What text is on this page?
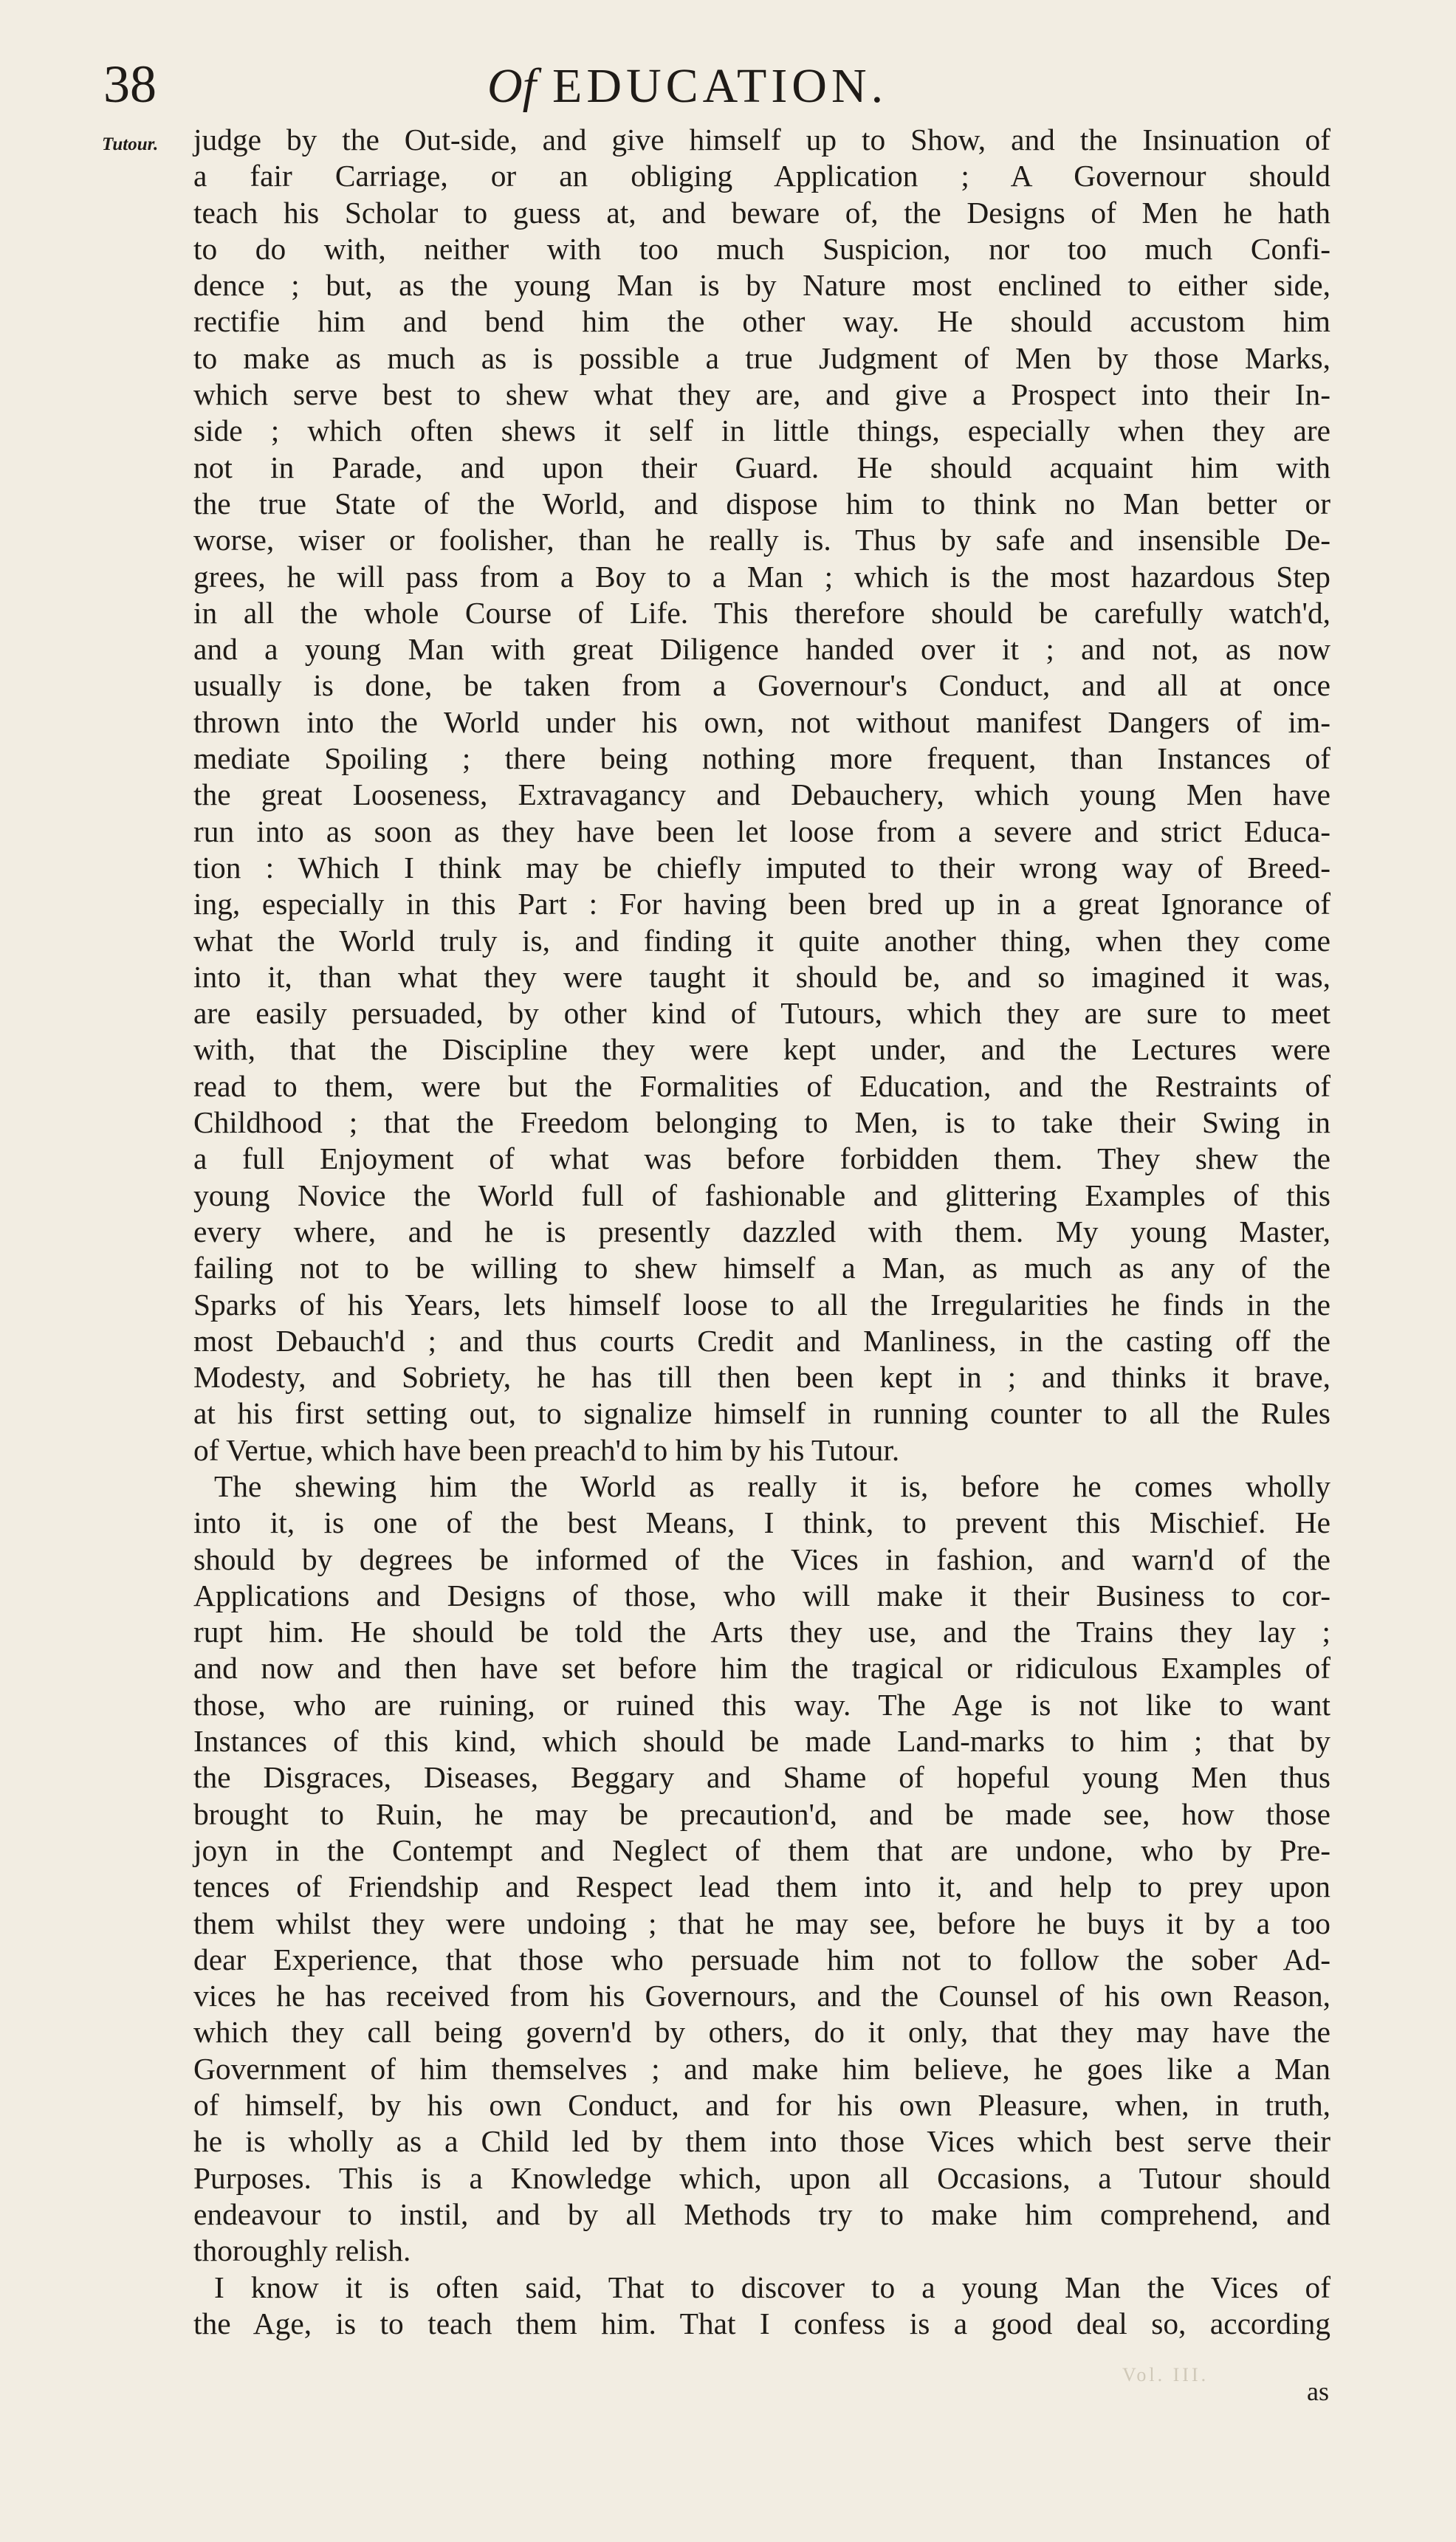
38	Of EDUCATION.
Tutour. judge by the Out-side, and give himself up to Show, and the Insinuation of
a fair Carriage, or an obliging Application ; A Governour should
teach his Scholar to guess at, and beware of, the Designs of Men he hath
to do with, neither with too much Suspicion, nor too much Confi-
dence ; but, as the young Man is by Nature most enclined to either side,
rectifie him and bend him the other way. He should accustom him
to make as much as is possible a true Judgment of Men by those Marks,
which serve best to shew what they are, and give a Prospect into their In-
side ; which often shews it self in little things, especially when they are
not in Parade, and upon their Guard. He should acquaint him with
the true State of the World, and dispose him to think no Man better or
worse, wiser or foolisher, than he really is. Thus by safe and insensible De-
grees, he will pass from a Boy to a Man ; which is the most hazardous Step
in all the whole Course of Life. This therefore should be carefully watch'd,
and a young Man with great Diligence handed over it ; and not, as now
usually is done, be taken from a Governour's Conduct, and all at once
thrown into the World under his own, not without manifest Dangers of im-
mediate Spoiling ; there being nothing more frequent, than Instances of
the great Looseness, Extravagancy and Debauchery, which young Men have
run into as soon as they have been let loose from a severe and strict Educa-
tion : Which I think may be chiefly imputed to their wrong way of Breed-
ing, especially in this Part : For having been bred up in a great Ignorance of
what the World truly is, and finding it quite another thing, when they come
into it, than what they were taught it should be, and so imagined it was,
are easily persuaded, by other kind of Tutours, which they are sure to meet
with, that the Discipline they were kept under, and the Lectures were
read to them, were but the Formalities of Education, and the Restraints of
Childhood ; that the Freedom belonging to Men, is to take their Swing in
a full Enjoyment of what was before forbidden them. They shew the
young Novice the World full of fashionable and glittering Examples of this
every where, and he is presently dazzled with them. My young Master,
failing not to be willing to shew himself a Man, as much as any of the
Sparks of his Years, lets himself loose to all the Irregularities he finds in the
most Debauch'd ; and thus courts Credit and Manliness, in the casting off the
Modesty, and Sobriety, he has till then been kept in ; and thinks it brave,
at his first setting out, to signalize himself in running counter to all the Rules
of Vertue, which have been preach'd to him by his Tutour.
The shewing him the World as really it is, before he comes wholly
into it, is one of the best Means, I think, to prevent this Mischief. He
should by degrees be informed of the Vices in fashion, and warn'd of the
Applications and Designs of those, who will make it their Business to cor-
rupt him. He should be told the Arts they use, and the Trains they lay ;
and now and then have set before him the tragical or ridiculous Examples of
those, who are ruining, or ruined this way. The Age is not like to want
Instances of this kind, which should be made Land-marks to him ; that by
the Disgraces, Diseases, Beggary and Shame of hopeful young Men thus
brought to Ruin, he may be precaution'd, and be made see, how those
joyn in the Contempt and Neglect of them that are undone, who by Pre-
tences of Friendship and Respect lead them into it, and help to prey upon
them whilst they were undoing ; that he may see, before he buys it by a too
dear Experience, that those who persuade him not to follow the sober Ad-
vices he has received from his Governours, and the Counsel of his own Reason,
which they call being govern'd by others, do it only, that they may have the
Government of him themselves ; and make him believe, he goes like a Man
of himself, by his own Conduct, and for his own Pleasure, when, in truth,
he is wholly as a Child led by them into those Vices which best serve their
Purposes. This is a Knowledge which, upon all Occasions, a Tutour should
endeavour to instil, and by all Methods try to make him comprehend, and
thoroughly relish.
I know it is often said, That to discover to a young Man the Vices of
the Age, is to teach them him. That I confess is a good deal so, according
Vol. III.
as
